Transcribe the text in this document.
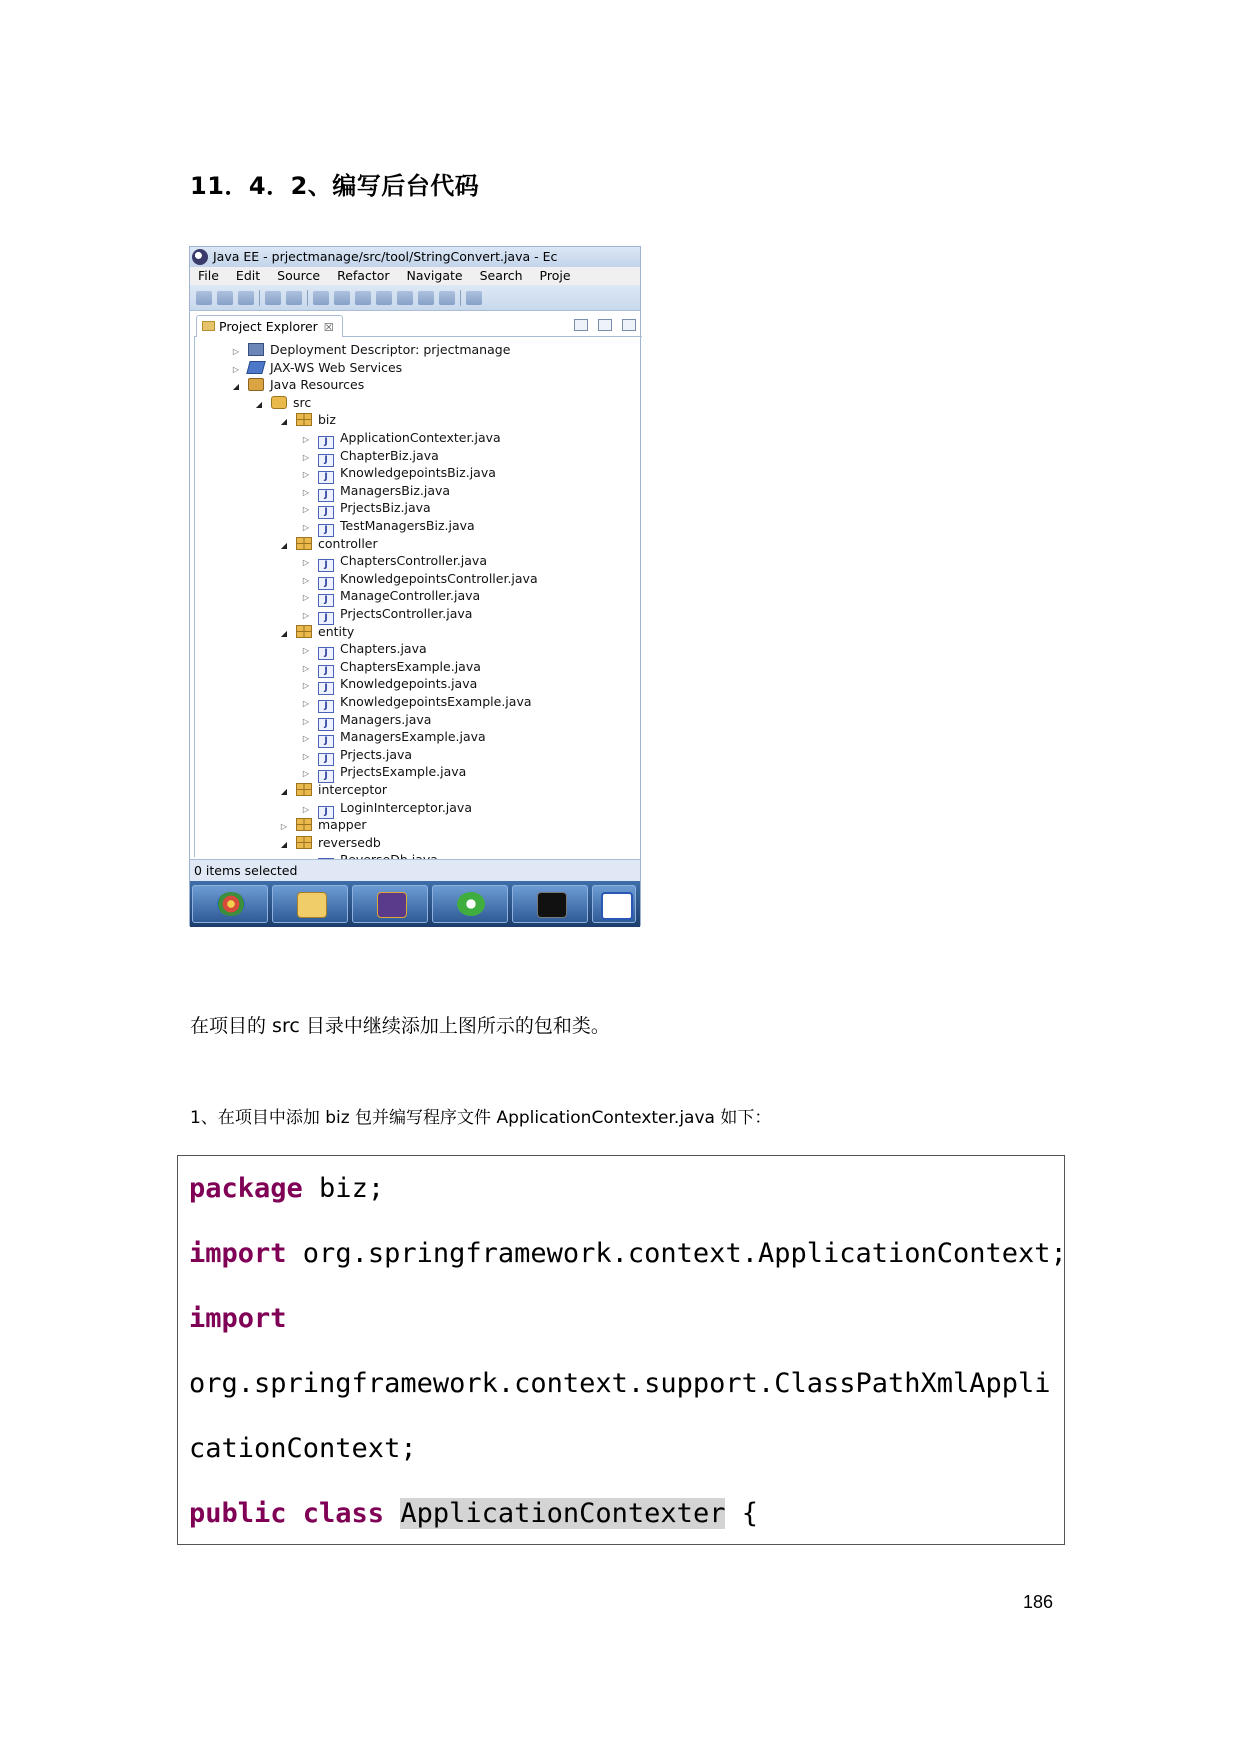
11．4．2、编写后台代码
Java EE - prjectmanage/src/tool/StringConvert.java - Ec
File Edit Source Refactor Navigate Search Proje
Project Explorer ☒
▷ Deployment Descriptor: prjectmanage
▷ JAX-WS Web Services
◢ Java Resources
◢ src
◢ biz
▷ J ApplicationContexter.java
▷ J ChapterBiz.java
▷ J KnowledgepointsBiz.java
▷ J ManagersBiz.java
▷ J PrjectsBiz.java
▷ J TestManagersBiz.java
◢ controller
▷ J ChaptersController.java
▷ J KnowledgepointsController.java
▷ J ManageController.java
▷ J PrjectsController.java
◢ entity
▷ J Chapters.java
▷ J ChaptersExample.java
▷ J Knowledgepoints.java
▷ J KnowledgepointsExample.java
▷ J Managers.java
▷ J ManagersExample.java
▷ J Prjects.java
▷ J PrjectsExample.java
◢ interceptor
▷ J LoginInterceptor.java
▷ mapper
◢ reversedb
J
0 items selected
在项目的 src 目录中继续添加上图所示的包和类。
1、在项目中添加 biz 包并编写程序文件 ApplicationContexter.java 如下：
package biz;
import org.springframework.context.ApplicationContext;
import
org.springframework.context.support.ClassPathXmlAppli
cationContext;
public class ApplicationContexter {
186
